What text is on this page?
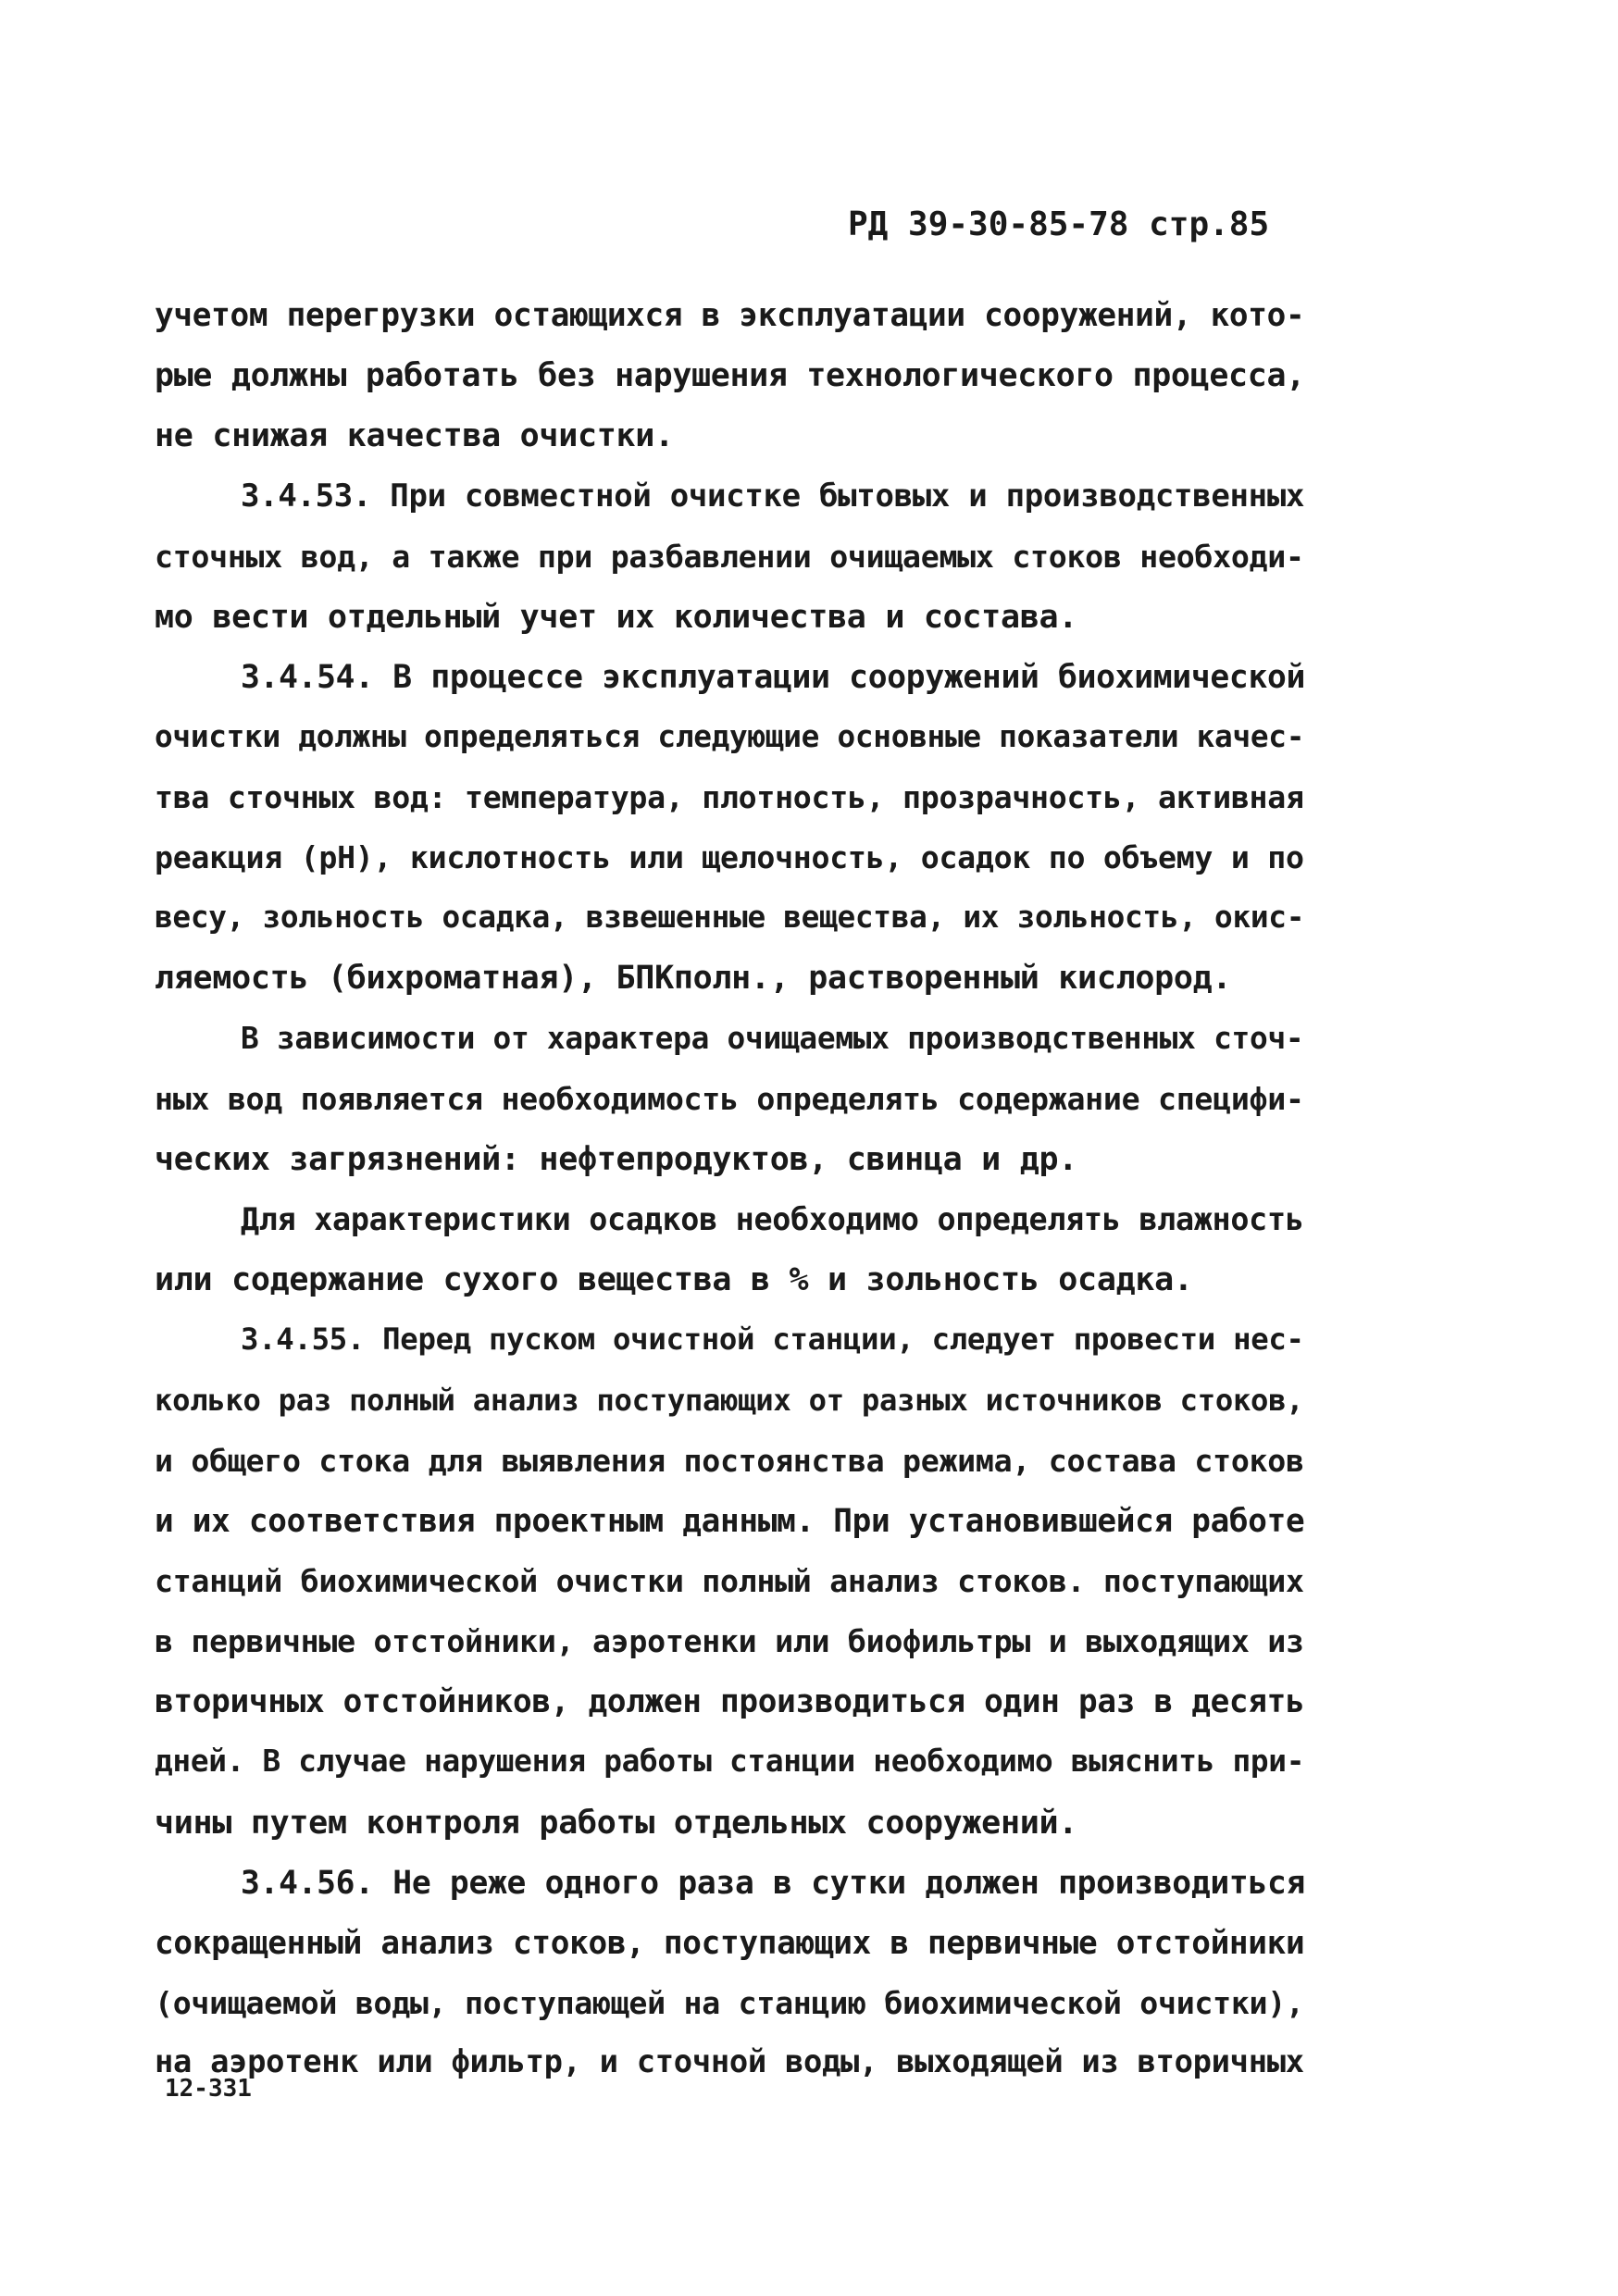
РД 39-30-85-78 стр.85
учетом перегрузки остающихся в эксплуатации сооружений, кото-
рые должны работать без нарушения технологического процесса,
не снижая качества очистки.
3.4.53. При совместной очистке бытовых и производственных
сточных вод, а также при разбавлении очищаемых стоков необходи-
мо вести отдельный учет их количества и состава.
3.4.54. В процессе эксплуатации сооружений биохимической
очистки должны определяться следующие основные показатели качес-
тва сточных вод: температура, плотность, прозрачность, активная
реакция (рН), кислотность или щелочность, осадок по объему и по
весу, зольность осадка, взвешенные вещества, их зольность, окис-
ляемость (бихроматная), БПКполн., растворенный кислород.
В зависимости от характера очищаемых производственных сточ-
ных вод появляется необходимость определять содержание специфи-
ческих загрязнений: нефтепродуктов, свинца и др.
Для характеристики осадков необходимо определять влажность
или содержание сухого вещества в % и зольность осадка.
3.4.55. Перед пуском очистной станции, следует провести нес-
колько раз полный анализ поступающих от разных источников стоков,
и общего стока для выявления постоянства режима, состава стоков
и их соответствия проектным данным. При установившейся работе
станций биохимической очистки полный анализ стоков. поступающих
в первичные отстойники, аэротенки или биофильтры и выходящих из
вторичных отстойников, должен производиться один раз в десять
дней. В случае нарушения работы станции необходимо выяснить при-
чины путем контроля работы отдельных сооружений.
3.4.56. Не реже одного раза в сутки должен производиться
сокращенный анализ стоков, поступающих в первичные отстойники
(очищаемой воды, поступающей на станцию биохимической очистки),
на аэротенк или фильтр, и сточной воды, выходящей из вторичных
12-331
